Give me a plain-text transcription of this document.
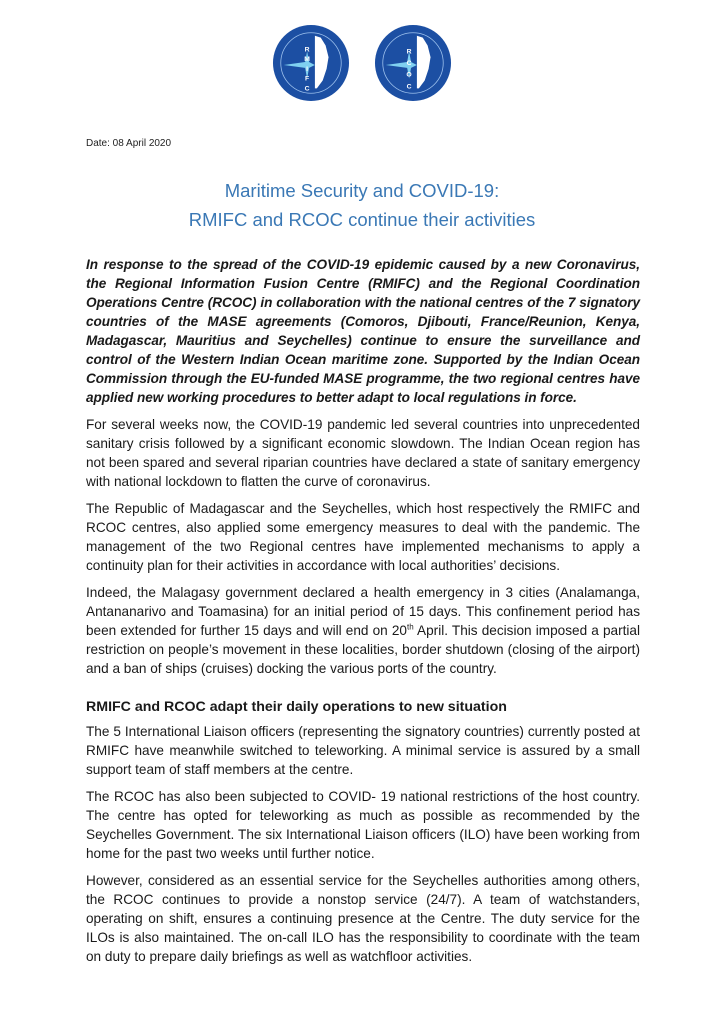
R
M
I
F
C
R
C
O
C
Date: 08 April 2020
Maritime Security and COVID-19:
RMIFC and RCOC continue their activities

In response to the spread of the COVID-19 epidemic caused by a new Coronavirus, the Regional Information Fusion Centre (RMIFC) and the Regional Coordination Operations Centre (RCOC) in collaboration with the national centres of the 7 signatory countries of the MASE agreements (Comoros, Djibouti, France/Reunion, Kenya, Madagascar, Mauritius and Seychelles) continue to ensure the surveillance and control of the Western Indian Ocean maritime zone. Supported by the Indian Ocean Commission through the EU-funded MASE programme, the two regional centres have applied new working procedures to better adapt to local regulations in force.

For several weeks now, the COVID-19 pandemic led several countries into unprecedented sanitary crisis followed by a significant economic slowdown. The Indian Ocean region has not been spared and several riparian countries have declared a state of sanitary emergency with national lockdown to flatten the curve of coronavirus.

The Republic of Madagascar and the Seychelles, which host respectively the RMIFC and RCOC centres, also applied some emergency measures to deal with the pandemic. The management of the two Regional centres have implemented mechanisms to apply a continuity plan for their activities in accordance with local authorities’ decisions.

Indeed, the Malagasy government declared a health emergency in 3 cities (Analamanga, Antananarivo and Toamasina) for an initial period of 15 days. This confinement period has been extended for further 15 days and will end on 20th April. This decision imposed a partial restriction on people’s movement in these localities, border shutdown (closing of the airport) and a ban of ships (cruises) docking the various ports of the country.

RMIFC and RCOC adapt their daily operations to new situation

The 5 International Liaison officers (representing the signatory countries) currently posted at RMIFC have meanwhile switched to teleworking. A minimal service is assured by a small support team of staff members at the centre.

The RCOC has also been subjected to COVID- 19 national restrictions of the host country. The centre has opted for teleworking as much as possible as recommended by the Seychelles Government. The six International Liaison officers (ILO) have been working from home for the past two weeks until further notice.

However, considered as an essential service for the Seychelles authorities among others, the RCOC continues to provide a nonstop service (24/7). A team of watchstanders, operating on shift, ensures a continuing presence at the Centre. The duty service for the ILOs is also maintained. The on-call ILO has the responsibility to coordinate with the team on duty to prepare daily briefings as well as watchfloor activities.
